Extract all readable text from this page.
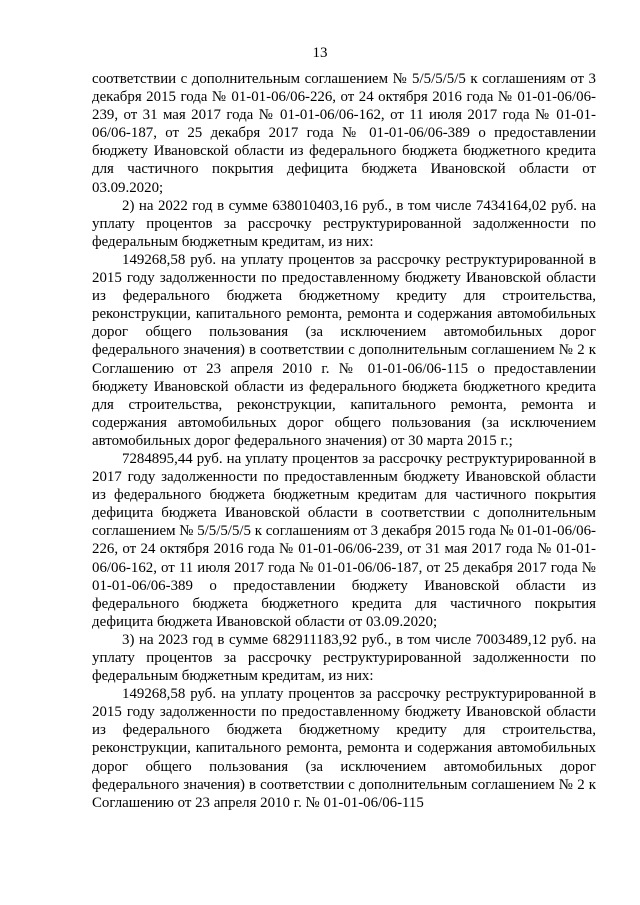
13

соответствии с дополнительным соглашением № 5/5/5/5/5 к соглашениям от 3 декабря 2015 года № 01-01-06/06-226, от 24 октября 2016 года № 01-01-06/06-239, от 31 мая 2017 года № 01-01-06/06-162, от 11 июля 2017 года № 01-01-06/06-187, от 25 декабря 2017 года № 01-01-06/06-389 о предоставлении бюджету Ивановской области из федерального бюджета бюджетного кредита для частичного покрытия дефицита бюджета Ивановской области от 03.09.2020;

2) на 2022 год в сумме 638010403,16 руб., в том числе 7434164,02 руб. на уплату процентов за рассрочку реструктурированной задолженности по федеральным бюджетным кредитам, из них:

149268,58 руб. на уплату процентов за рассрочку реструктурированной в 2015 году задолженности по предоставленному бюджету Ивановской области из федерального бюджета бюджетному кредиту для строительства, реконструкции, капитального ремонта, ремонта и содержания автомобильных дорог общего пользования (за исключением автомобильных дорог федерального значения) в соответствии с дополнительным соглашением № 2 к Соглашению от 23 апреля 2010 г. № 01-01-06/06-115 о предоставлении бюджету Ивановской области из федерального бюджета бюджетного кредита для строительства, реконструкции, капитального ремонта, ремонта и содержания автомобильных дорог общего пользования (за исключением автомобильных дорог федерального значения) от 30 марта 2015 г.;

7284895,44 руб. на уплату процентов за рассрочку реструктурированной в 2017 году задолженности по предоставленным бюджету Ивановской области из федерального бюджета бюджетным кредитам для частичного покрытия дефицита бюджета Ивановской области в соответствии с дополнительным соглашением № 5/5/5/5/5 к соглашениям от 3 декабря 2015 года № 01-01-06/06-226, от 24 октября 2016 года № 01-01-06/06-239, от 31 мая 2017 года № 01-01-06/06-162, от 11 июля 2017 года № 01-01-06/06-187, от 25 декабря 2017 года № 01-01-06/06-389 о предоставлении бюджету Ивановской области из федерального бюджета бюджетного кредита для частичного покрытия дефицита бюджета Ивановской области от 03.09.2020;

3) на 2023 год в сумме 682911183,92 руб., в том числе 7003489,12 руб. на уплату процентов за рассрочку реструктурированной задолженности по федеральным бюджетным кредитам, из них:

149268,58 руб. на уплату процентов за рассрочку реструктурированной в 2015 году задолженности по предоставленному бюджету Ивановской области из федерального бюджета бюджетному кредиту для строительства, реконструкции, капитального ремонта, ремонта и содержания автомобильных дорог общего пользования (за исключением автомобильных дорог федерального значения) в соответствии с дополнительным соглашением № 2 к Соглашению от 23 апреля 2010 г. № 01-01-06/06-115
